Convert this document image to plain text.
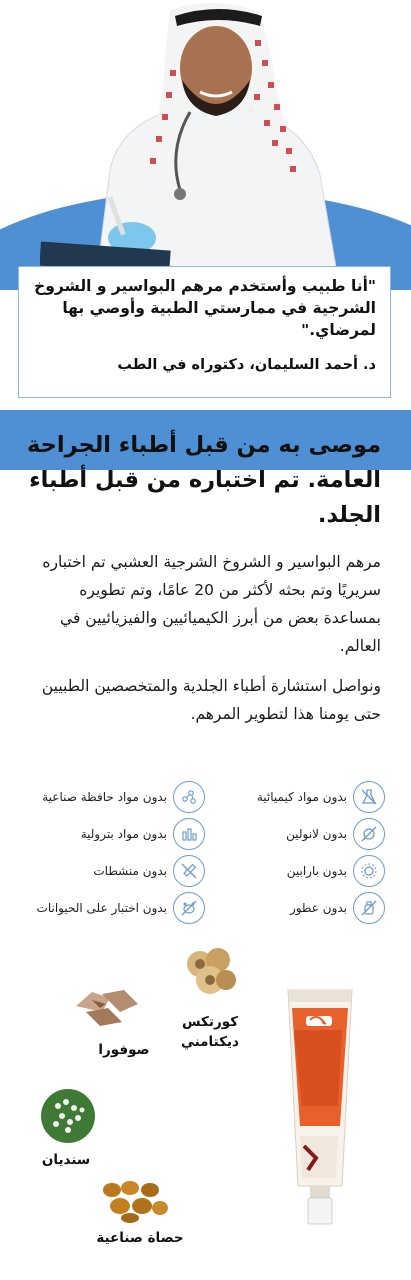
"أنا طبيب وأستخدم مرهم البواسير و الشروخ الشرجية في ممارستي الطبية وأوصي بها لمرضاي."
د. أحمد السليمان، دكتوراه في الطب
موصى به من قبل أطباء الجراحة العامة. تم اختباره من قبل أطباء الجلد.
مرهم البواسير و الشروخ الشرجية العشبي تم اختباره سريريًا وتم بحثه لأكثر من 20 عامًا، وتم تطويره بمساعدة بعض من أبرز الكيميائيين والفيزيائيين في العالم.
ونواصل استشارة أطباء الجلدية والمتخصصين الطبيين حتى يومنا هذا لتطوير المرهم.
بدون مواد كيميائية
بدون لانولين
بدون بارابين
بدون عطور
بدون مواد حافظة صناعية
بدون مواد بترولية
بدون منشطات
بدون اختبار على الحيوانات
كورتكس ديكتامني
صوفورا
سنديان
حصاة صناعية
